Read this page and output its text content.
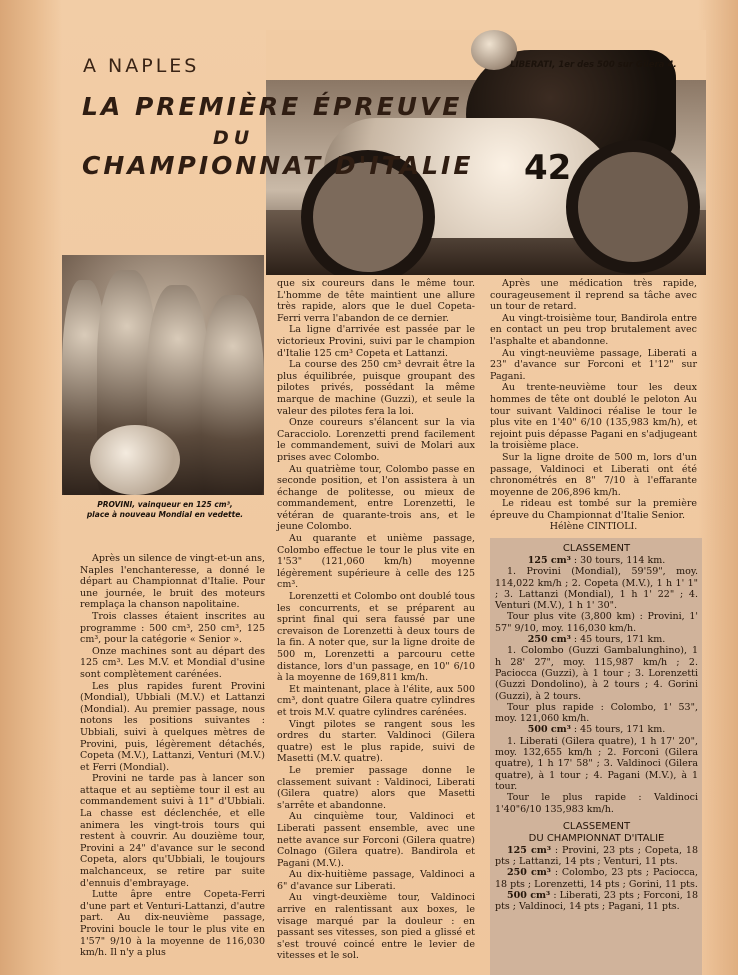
42
LIBERATI, 1er des 500 sur Gilera 4.
A NAPLES
LA PREMIÈRE ÉPREUVE
DU
CHAMPIONNAT D'ITALIE
PROVINI, vainqueur en 125 cm³,
place à nouveau Mondial en vedette.

Après un silence de vingt-et-un ans, Naples l'enchanteresse, a donné le départ au Championnat d'Italie. Pour une journée, le bruit des moteurs remplaça la chanson napolitaine.

Trois classes étaient inscrites au programme : 500 cm³, 250 cm³, 125 cm³, pour la catégorie « Senior ».

Onze machines sont au départ des 125 cm³. Les M.V. et Mondial d'usine sont complètement carénées.

Les plus rapides furent Provini (Mondial), Ubbiali (M.V.) et Lattanzi (Mondial). Au premier passage, nous notons les positions suivantes : Ubbiali, suivi à quelques mètres de Provini, puis, légèrement détachés, Copeta (M.V.), Lattanzi, Venturi (M.V.) et Ferri (Mondial).

Provini ne tarde pas à lancer son attaque et au septième tour il est au commandement suivi à 11" d'Ubbiali. La chasse est déclenchée, et elle animera les vingt-trois tours qui restent à couvrir. Au douzième tour, Provini a 24" d'avance sur le second Copeta, alors qu'Ubbiali, le toujours malchanceux, se retire par suite d'ennuis d'embrayage.

Lutte âpre entre Copeta-Ferri d'une part et Venturi-Lattanzi, d'autre part. Au dix-neuvième passage, Provini boucle le tour le plus vite en 1'57" 9/10 à la moyenne de 116,030 km/h. Il n'y a plus

que six coureurs dans le même tour. L'homme de tête maintient une allure très rapide, alors que le duel Copeta-Ferri verra l'abandon de ce dernier.

La ligne d'arrivée est passée par le victorieux Provini, suivi par le champion d'Italie 125 cm³ Copeta et Lattanzi.

La course des 250 cm³ devrait être la plus équilibrée, puisque groupant des pilotes privés, possédant la même marque de machine (Guzzi), et seule la valeur des pilotes fera la loi.

Onze coureurs s'élancent sur la via Caracciolo. Lorenzetti prend facilement le commandement, suivi de Molari aux prises avec Colombo.

Au quatrième tour, Colombo passe en seconde position, et l'on assistera à un échange de politesse, ou mieux de commandement, entre Lorenzetti, le vétéran de quarante-trois ans, et le jeune Colombo.

Au quarante et unième passage, Colombo effectue le tour le plus vite en 1'53" (121,060 km/h) moyenne légèrement supérieure à celle des 125 cm³.

Lorenzetti et Colombo ont doublé tous les concurrents, et se préparent au sprint final qui sera faussé par une crevaison de Lorenzetti à deux tours de la fin. A noter que, sur la ligne droite de 500 m, Lorenzetti a parcouru cette distance, lors d'un passage, en 10" 6/10 à la moyenne de 169,811 km/h.

Et maintenant, place à l'élite, aux 500 cm³, dont quatre Gilera quatre cylindres et trois M.V. quatre cylindres carénées.

Vingt pilotes se rangent sous les ordres du starter. Valdinoci (Gilera quatre) est le plus rapide, suivi de Masetti (M.V. quatre).

Le premier passage donne le classement suivant : Valdinoci, Liberati (Gilera quatre) alors que Masetti s'arrête et abandonne.

Au cinquième tour, Valdinoci et Liberati passent ensemble, avec une nette avance sur Forconi (Gilera quatre) Colnago (Gilera quatre). Bandirola et Pagani (M.V.).

Au dix-huitième passage, Valdinoci a 6" d'avance sur Liberati.

Au vingt-deuxième tour, Valdinoci arrive en ralentissant aux boxes, le visage marqué par la douleur : en passant ses vitesses, son pied a glissé et s'est trouvé coincé entre le levier de vitesses et le sol.

Après une médication très rapide, courageusement il reprend sa tâche avec un tour de retard.

Au vingt-troisième tour, Bandirola entre en contact un peu trop brutalement avec l'asphalte et abandonne.

Au vingt-neuvième passage, Liberati a 23" d'avance sur Forconi et 1'12" sur Pagani.

Au trente-neuvième tour les deux hommes de tête ont doublé le peloton Au tour suivant Valdinoci réalise le tour le plus vite en 1'40" 6/10 (135,983 km/h), et rejoint puis dépasse Pagani en s'adjugeant la troisième place.

Sur la ligne droite de 500 m, lors d'un passage, Valdinoci et Liberati ont été chronométrés en 8" 7/10 à l'effarante moyenne de 206,896 km/h.

Le rideau est tombé sur la première épreuve du Championnat d'Italie Senior.

Hélène CINTIOLI.

CLASSEMENT

125 cm³ : 30 tours, 114 km.

1. Provini (Mondial), 59'59", moy. 114,022 km/h ; 2. Copeta (M.V.), 1 h 1' 1" ; 3. Lattanzi (Mondial), 1 h 1' 22" ; 4. Venturi (M.V.), 1 h 1' 30".

Tour plus vite (3,800 km) : Provini, 1' 57" 9/10, moy. 116,030 km/h.

250 cm³ : 45 tours, 171 km.

1. Colombo (Guzzi Gambalunghino), 1 h 28' 27", moy. 115,987 km/h ; 2. Paciocca (Guzzi), à 1 tour ; 3. Lorenzetti (Guzzi Dondolino), à 2 tours ; 4. Gorini (Guzzi), à 2 tours.

Tour plus rapide : Colombo, 1' 53", moy. 121,060 km/h.

500 cm³ : 45 tours, 171 km.

1. Liberati (Gilera quatre), 1 h 17' 20", moy. 132,655 km/h ; 2. Forconi (Gilera quatre), 1 h 17' 58" ; 3. Valdinoci (Gilera quatre), à 1 tour ; 4. Pagani (M.V.), à 1 tour.

Tour le plus rapide : Valdinoci 1'40"6/10 135,983 km/h.

CLASSEMENT

DU CHAMPIONNAT D'ITALIE

125 cm³ : Provini, 23 pts ; Copeta, 18 pts ; Lattanzi, 14 pts ; Venturi, 11 pts.

250 cm³ : Colombo, 23 pts ; Paciocca, 18 pts ; Lorenzetti, 14 pts ; Gorini, 11 pts.

500 cm³ : Liberati, 23 pts ; Forconi, 18 pts ; Valdinoci, 14 pts ; Pagani, 11 pts.
